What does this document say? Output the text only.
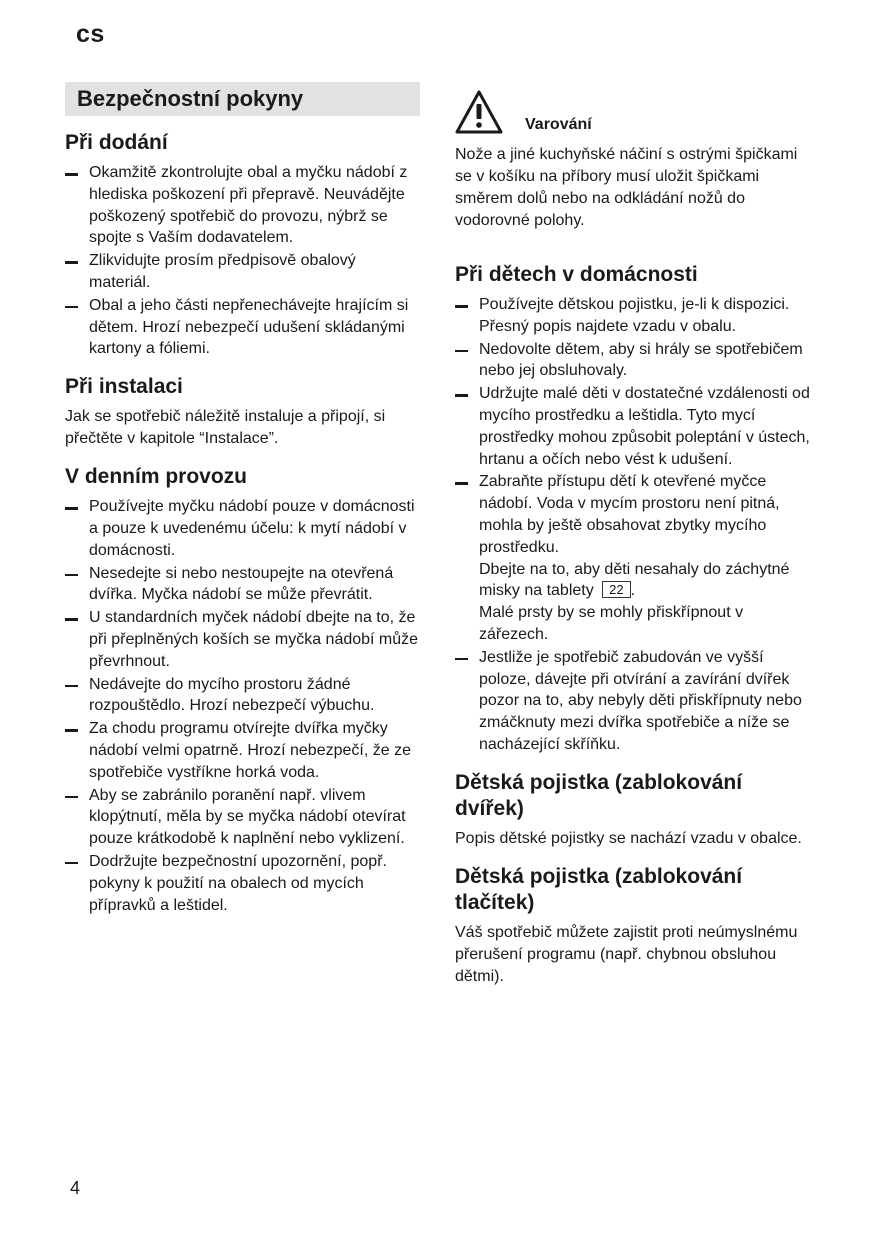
cs
Bezpečnostní pokyny
Při dodání
Okamžitě zkontrolujte obal a myčku nádobí z hlediska poškození při přepravě. Neuvádějte poškozený spotřebič do provozu, nýbrž se spojte s Vaším dodavatelem.
Zlikvidujte prosím předpisově obalový materiál.
Obal a jeho části nepřenechávejte hrajícím si dětem. Hrozí nebezpečí udušení skládanými kartony a fóliemi.
Při instalaci

Jak se spotřebič náležitě instaluje a připojí, si přečtěte v kapitole “Instalace”.

V denním provozu
Používejte myčku nádobí pouze v domácnosti a pouze k uvedenému účelu: k mytí nádobí v domácnosti.
Nesedejte si nebo nestoupejte na otevřená dvířka. Myčka nádobí se může převrátit.
U standardních myček nádobí dbejte na to, že při přeplněných koších se myčka nádobí může převrhnout.
Nedávejte do mycího prostoru žádné rozpouštědlo. Hrozí nebezpečí výbuchu.
Za chodu programu otvírejte dvířka myčky nádobí velmi opatrně. Hrozí nebezpečí, že ze spotřebiče vystříkne horká voda.
Aby se zabránilo poranění např. vlivem klopýtnutí, měla by se myčka nádobí otevírat pouze krátkodobě k naplnění nebo vyklizení.
Dodržujte bezpečnostní upozornění, popř. pokyny k použití na obalech od mycích přípravků a leštidel.
Varování

Nože a jiné kuchyňské náčiní s ostrými špičkami se v košíku na příbory musí uložit špičkami směrem dolů nebo na odkládání nožů do vodorovné polohy.

Při dětech v domácnosti
Používejte dětskou pojistku, je-li k dispozici. Přesný popis najdete vzadu v obalu.
Nedovolte dětem, aby si hrály se spotřebičem nebo jej obsluhovaly.
Udržujte malé děti v dostatečné vzdálenosti od mycího prostředku a leštidla. Tyto mycí prostředky mohou způsobit poleptání v ústech, hrtanu a očích nebo vést k udušení.
Zabraňte přístupu dětí k otevřené myčce nádobí. Voda v mycím prostoru není pitná, mohla by ještě obsahovat zbytky mycího prostředku.
Dbejte na to, aby děti nesahaly do záchytné misky na tablety 22 .
Malé prsty by se mohly přiskřípnout v zářezech.
Jestliže je spotřebič zabudován ve vyšší poloze, dávejte při otvírání a zavírání dvířek pozor na to, aby nebyly děti přiskřípnuty nebo zmáčknuty mezi dvířka spotřebiče a níže se nacházející skříňku.
Dětská pojistka (zablokování dvířek)

Popis dětské pojistky se nachází vzadu v obalce.

Dětská pojistka (zablokování tlačítek)

Váš spotřebič můžete zajistit proti neúmyslnému přerušení programu (např. chybnou obsluhou dětmi).

4
